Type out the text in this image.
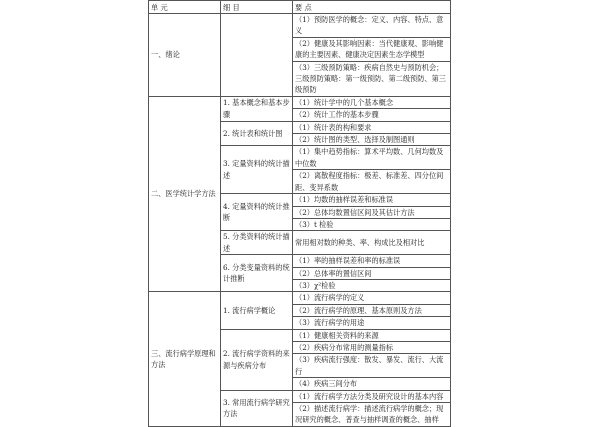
单 元	细 目	要 点
一、绪论		（1）预防医学的概念：定义、内容、特点、意义
		（2）健康及其影响因素：当代健康观、影响健康的主要因素、健康决定因素生态学模型
		（3）三级预防策略：疾病自然史与预防机会；三级预防策略：第一级预防、第二级预防、第三级预防
二、医学统计学方法	1. 基本概念和基本步骤	（1）统计学中的几个基本概念
		（2）统计工作的基本步骤
	2. 统计表和统计图	（1）统计表的构和要求
		（2）统计图的类型、选择及制图通则
	3. 定量资料的统计描述	（1）集中趋势指标：算术平均数、几何均数及中位数
		（2）离散程度指标：极差、标准差、四分位间距、变异系数
	4. 定量资料的统计推断	（1）均数的抽样误差和标准误
		（2）总体均数置信区间及其估计方法
		（3）t 检验
	5. 分类资料的统计描述	常用相对数的种类、率、构成比及相对比
	6. 分类变量资料的统计推断	（1）率的抽样误差和率的标准误
		（2）总体率的置信区间
		（3）χ²检验
三、流行病学原理和方法	1. 流行病学概论	（1）流行病学的定义
		（2）流行病学的原理、基本原则及方法
		（3）流行病学的用途
	2. 流行病学资料的来源与疾病分布	（1）健康相关资料的来源
		（2）疾病分布常用的测量指标
		（3）疾病流行强度：散发、暴发、流行、大流行
		（4）疾病三间分布
	3. 常用流行病学研究方法	（1）流行病学方法分类及研究设计的基本内容
		（2）描述流行病学：描述流行病学的概念；现况研究的概念、普查与抽样调查的概念、抽样
